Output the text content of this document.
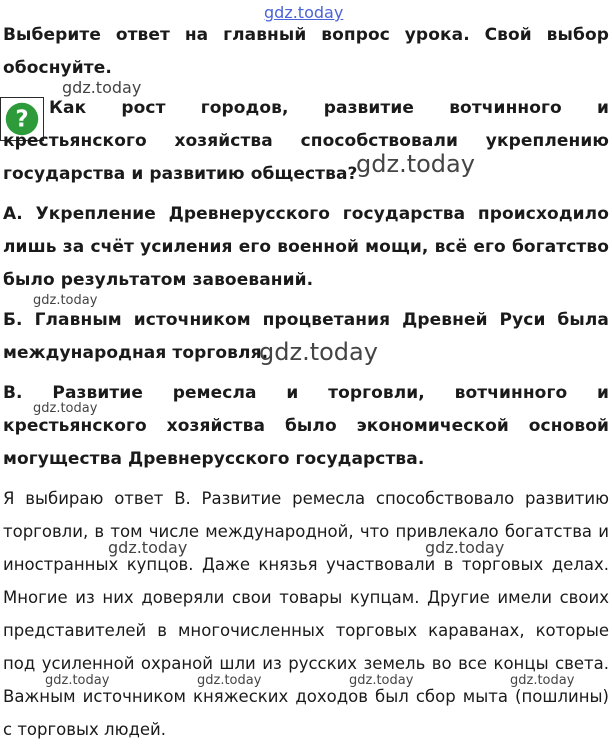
Выберите ответ на главный вопрос урока. Свой выбор обоснуйте.

?	Как рост городов, развитие вотчинного и крестьянского хозяйства способствовали укреплению государства и развитию общества?

А. Укрепление Древнерусского государства происходило лишь за счёт усиления его военной мощи, всё его богатство было результатом завоеваний.

Б. Главным источником процветания Древней Руси была международная торговля.

В. Развитие ремесла и торговли, вотчинного и крестьянского хозяйства было экономической основой могущества Древнерусского государства.

Я выбираю ответ В. Развитие ремесла способствовало развитию торговли, в том числе международной, что привлекало богатства и иностранных купцов. Даже князья участвовали в торговых делах. Многие из них доверяли свои товары купцам. Другие имели своих представителей в многочисленных торговых караванах, которые под усиленной охраной шли из русских земель во все концы света. Важным источником княжеских доходов был сбор мыта (пошлины) с торговых людей.

gdz.today
gdz.today
gdz.today
gdz.today
gdz.today
gdz.today
gdz.today	gdz.today
gdz.today	gdz.today	gdz.today	gdz.today
